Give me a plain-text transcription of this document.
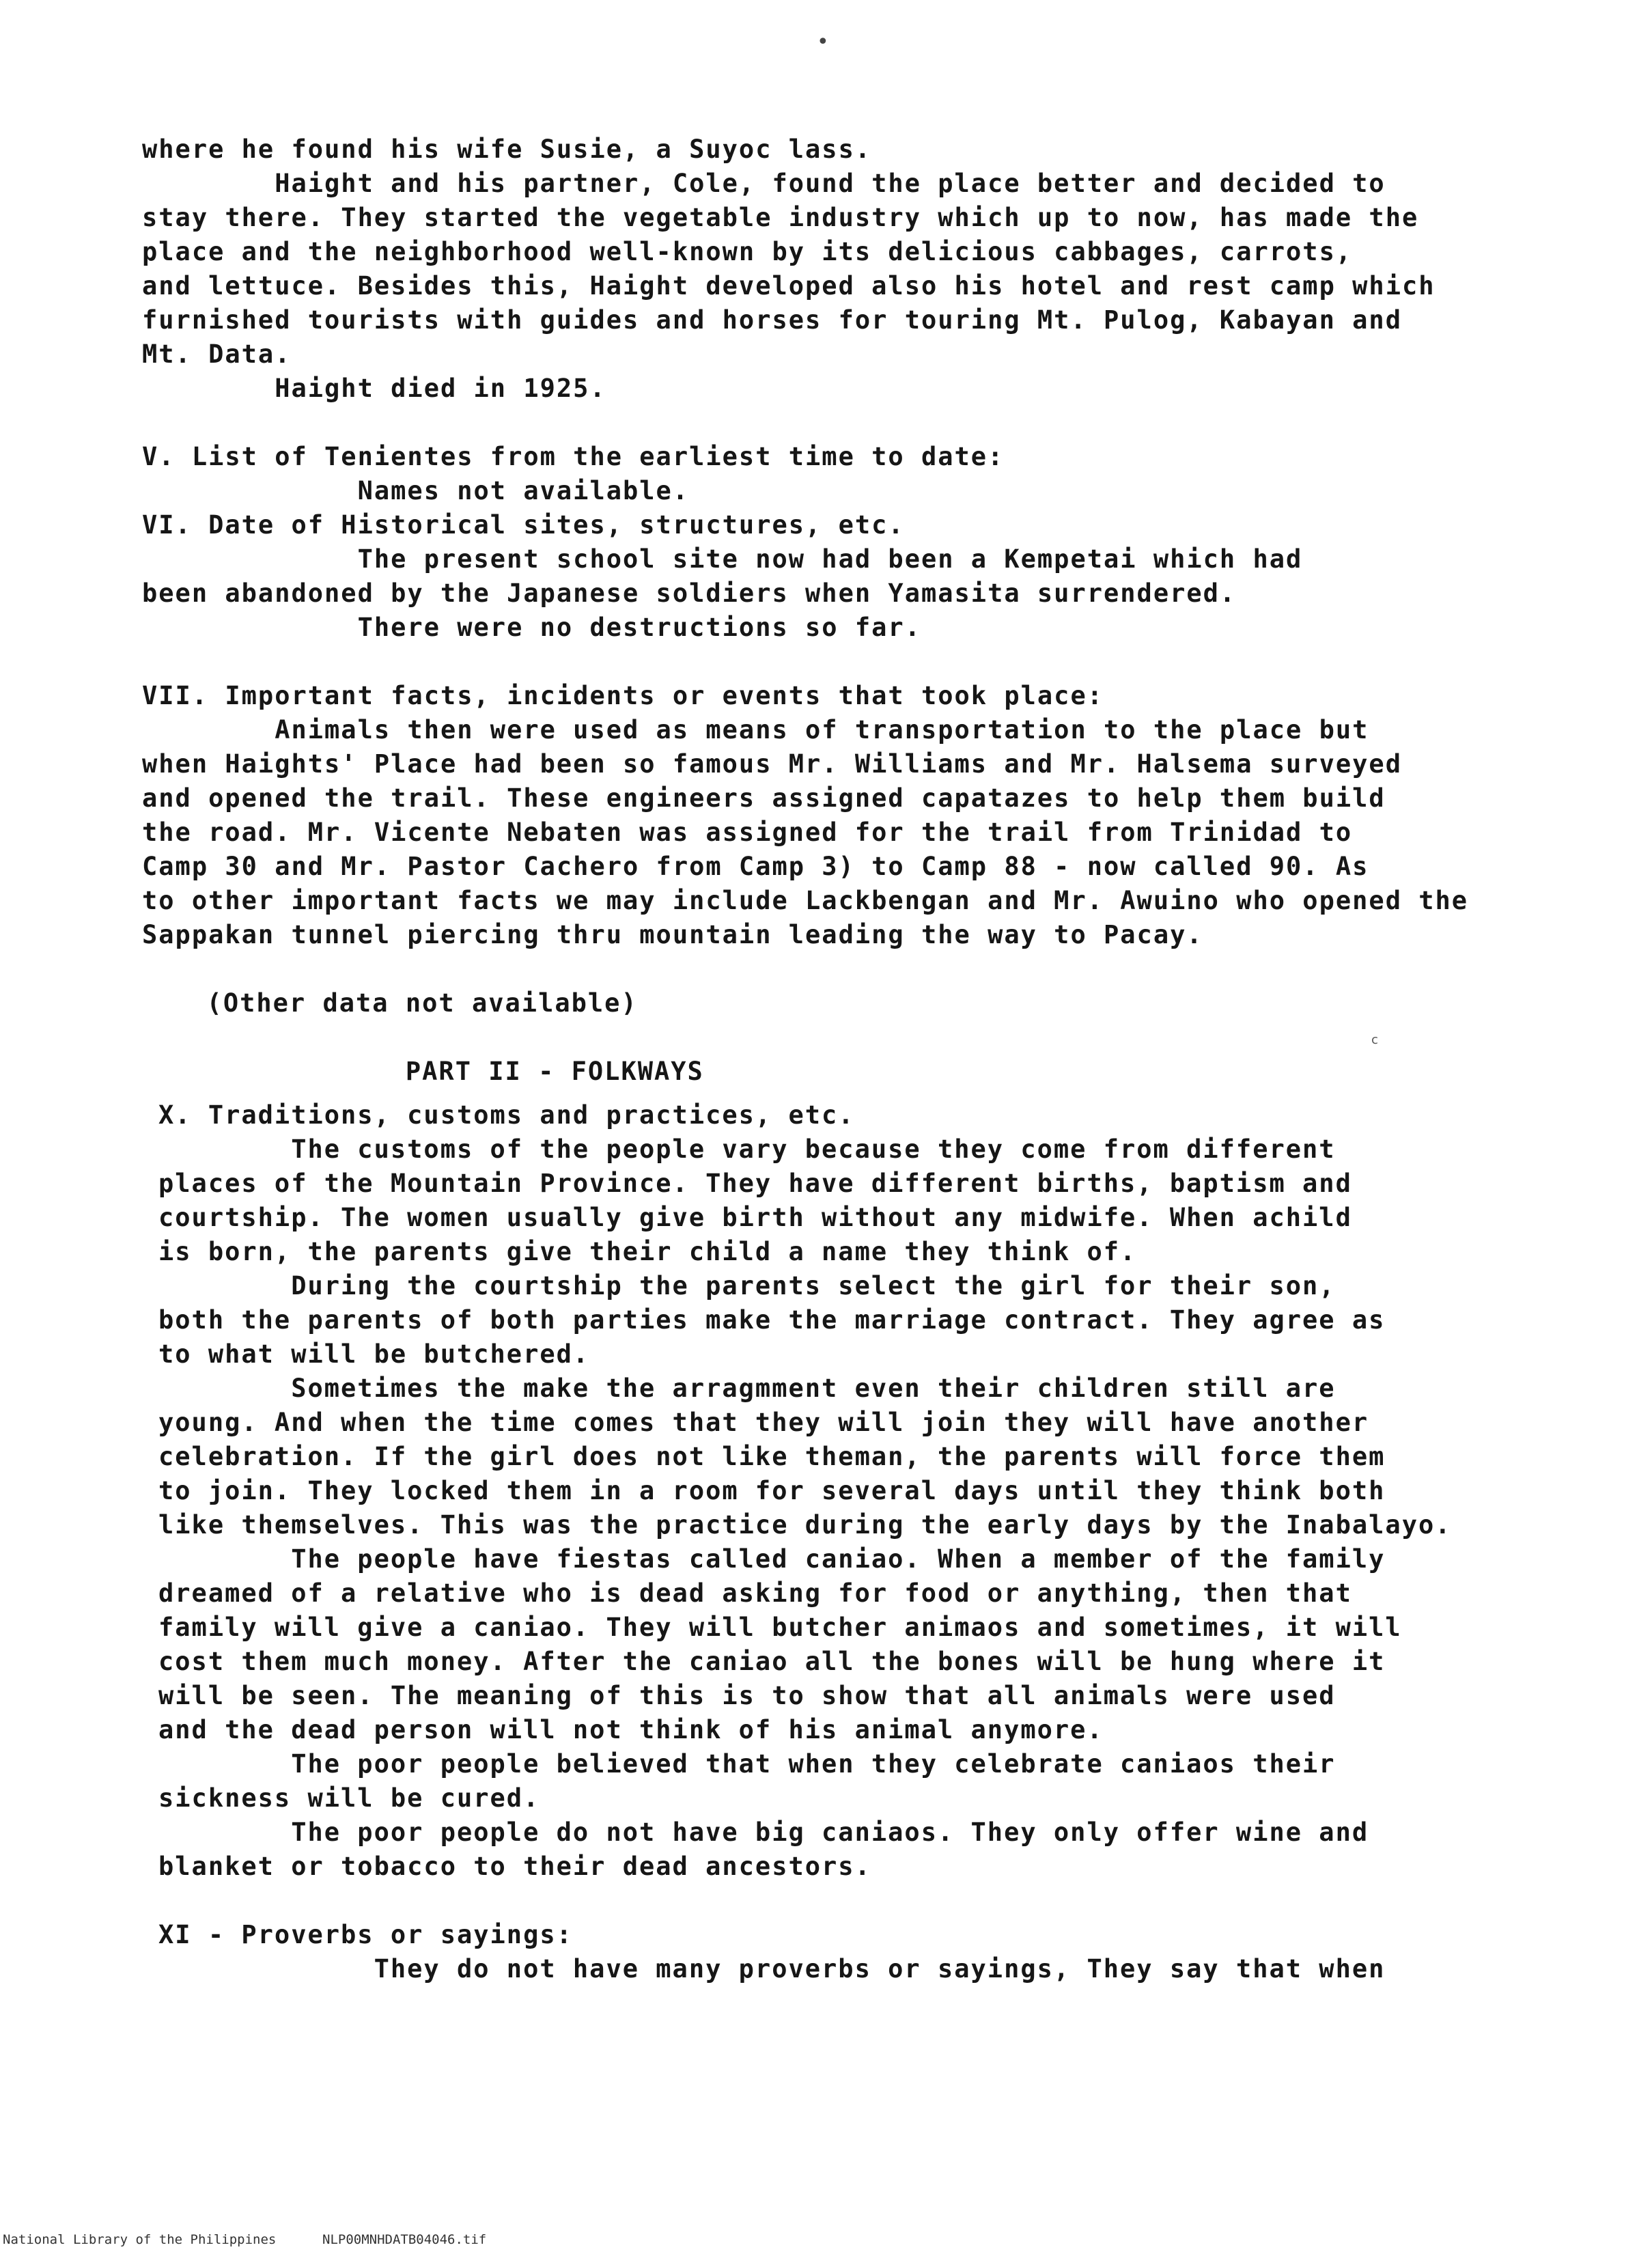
•
where he found his wife Susie, a Suyoc lass.
Haight and his partner, Cole, found the place better and decided to
stay there. They started the vegetable industry which up to now, has made the
place and the neighborhood well-known by its delicious cabbages, carrots,
and lettuce. Besides this, Haight developed also his hotel and rest camp which
furnished tourists with guides and horses for touring Mt. Pulog, Kabayan and
Mt. Data.
Haight died in 1925.
V. List of Tenientes from the earliest time to date:
Names not available.
VI. Date of Historical sites, structures, etc.
The present school site now had been a Kempetai which had
been abandoned by the Japanese soldiers when Yamasita surrendered.
There were no destructions so far.
VII. Important facts, incidents or events that took place:
Animals then were used as means of transportation to the place but
when Haights' Place had been so famous Mr. Williams and Mr. Halsema surveyed
and opened the trail. These engineers assigned capatazes to help them build
the road. Mr. Vicente Nebaten was assigned for the trail from Trinidad to
Camp 30 and Mr. Pastor Cachero from Camp 3) to Camp 88 - now called 90. As
to other important facts we may include Lackbengan and Mr. Awuino who opened the
Sappakan tunnel piercing thru mountain leading the way to Pacay.
(Other data not available)
PART II - FOLKWAYS
c
X. Traditions, customs and practices, etc.
The customs of the people vary because they come from different
places of the Mountain Province. They have different births, baptism and
courtship. The women usually give birth without any midwife. When achild
is born, the parents give their child a name they think of.
During the courtship the parents select the girl for their son,
both the parents of both parties make the marriage contract. They agree as
to what will be butchered.
Sometimes the make the arragmment even their children still are
young. And when the time comes that they will join they will have another
celebration. If the girl does not like theman, the parents will force them
to join. They locked them in a room for several days until they think both
like themselves. This was the practice during the early days by the Inabalayo.
The people have fiestas called caniao. When a member of the family
dreamed of a relative who is dead asking for food or anything, then that
family will give a caniao. They will butcher animaos and sometimes, it will
cost them much money. After the caniao all the bones will be hung where it
will be seen. The meaning of this is to show that all animals were used
and the dead person will not think of his animal anymore.
The poor people believed that when they celebrate caniaos their
sickness will be cured.
The poor people do not have big caniaos. They only offer wine and
blanket or tobacco to their dead ancestors.
XI - Proverbs or sayings:
They do not have many proverbs or sayings, They say that when
National Library of the Philippines	NLP00MNHDATB04046.tif
